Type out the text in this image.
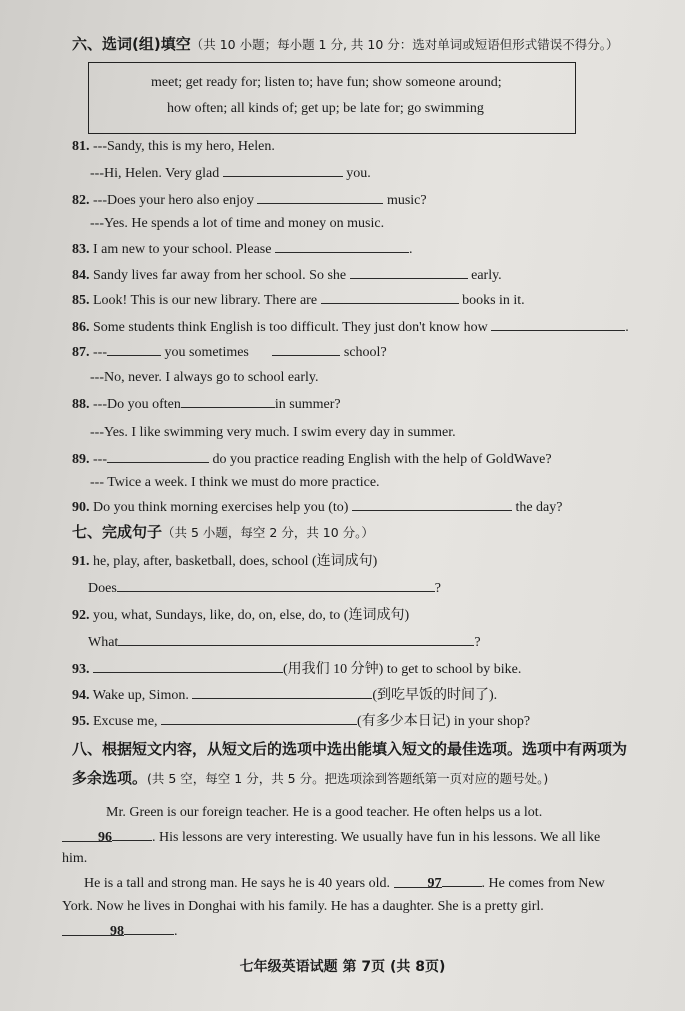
六、选词(组)填空（共 10 小题；每小题 1 分, 共 10 分：选对单词或短语但形式错误不得分。）
meet; get ready for; listen to; have fun; show someone around;
how often; all kinds of; get up; be late for; go swimming
81. ---Sandy, this is my hero, Helen.
---Hi, Helen. Very glad	you.
82. ---Does your hero also enjoy	music?
---Yes. He spends a lot of time and money on music.
83. I am new to your school. Please	.
84. Sandy lives far away from her school. So she	early.
85. Look! This is our new library. There are	books in it.
86. Some students think English is too difficult. They just don't know how	.
87. ---	you sometimes	school?
---No, never. I always go to school early.
88. ---Do you often	in summer?
---Yes. I like swimming very much. I swim every day in summer.
89. ---	do you practice reading English with the help of GoldWave?
--- Twice a week. I think we must do more practice.
90. Do you think morning exercises help you (to)	the day?
七、完成句子（共 5 小题，每空 2 分，共 10 分。）
91. he, play, after, basketball, does, school (连词成句)
Does	?
92. you, what, Sundays, like, do, on, else, do, to (连词成句)
What	?
93.	(用我们 10 分钟) to get to school by bike.
94. Wake up, Simon.	(到吃早饭的时间了).
95. Excuse me,	(有多少本日记) in your shop?
八、根据短文内容，从短文后的选项中选出能填入短文的最佳选项。选项中有两项为
多余选项。(共 5 空，每空 1 分，共 5 分。把选项涂到答题纸第一页对应的题号处。)
Mr. Green is our foreign teacher. He is a good teacher. He often helps us a lot.
96	. His lessons are very interesting. We usually have fun in his lessons. We all like
him.
He is a tall and strong man. He says he is 40 years old.	97	. He comes from New
York. Now he lives in Donghai with his family. He has a daughter. She is a pretty girl.
98	.
七年级英语试题 第 7页 (共 8页)
